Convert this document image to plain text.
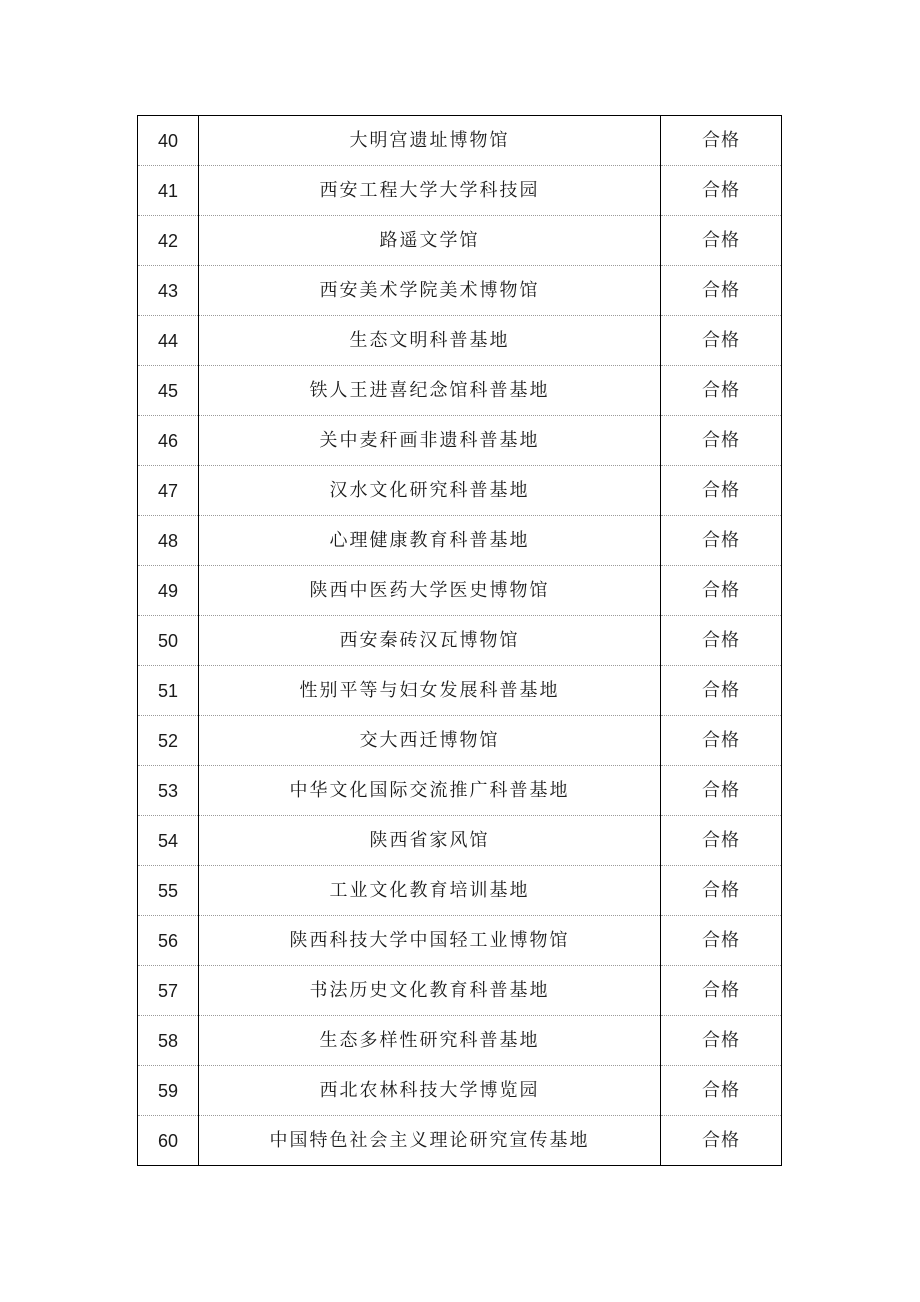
40	大明宫遗址博物馆	合格
41	西安工程大学大学科技园	合格
42	路遥文学馆	合格
43	西安美术学院美术博物馆	合格
44	生态文明科普基地	合格
45	铁人王进喜纪念馆科普基地	合格
46	关中麦秆画非遗科普基地	合格
47	汉水文化研究科普基地	合格
48	心理健康教育科普基地	合格
49	陕西中医药大学医史博物馆	合格
50	西安秦砖汉瓦博物馆	合格
51	性别平等与妇女发展科普基地	合格
52	交大西迁博物馆	合格
53	中华文化国际交流推广科普基地	合格
54	陕西省家风馆	合格
55	工业文化教育培训基地	合格
56	陕西科技大学中国轻工业博物馆	合格
57	书法历史文化教育科普基地	合格
58	生态多样性研究科普基地	合格
59	西北农林科技大学博览园	合格
60	中国特色社会主义理论研究宣传基地	合格
